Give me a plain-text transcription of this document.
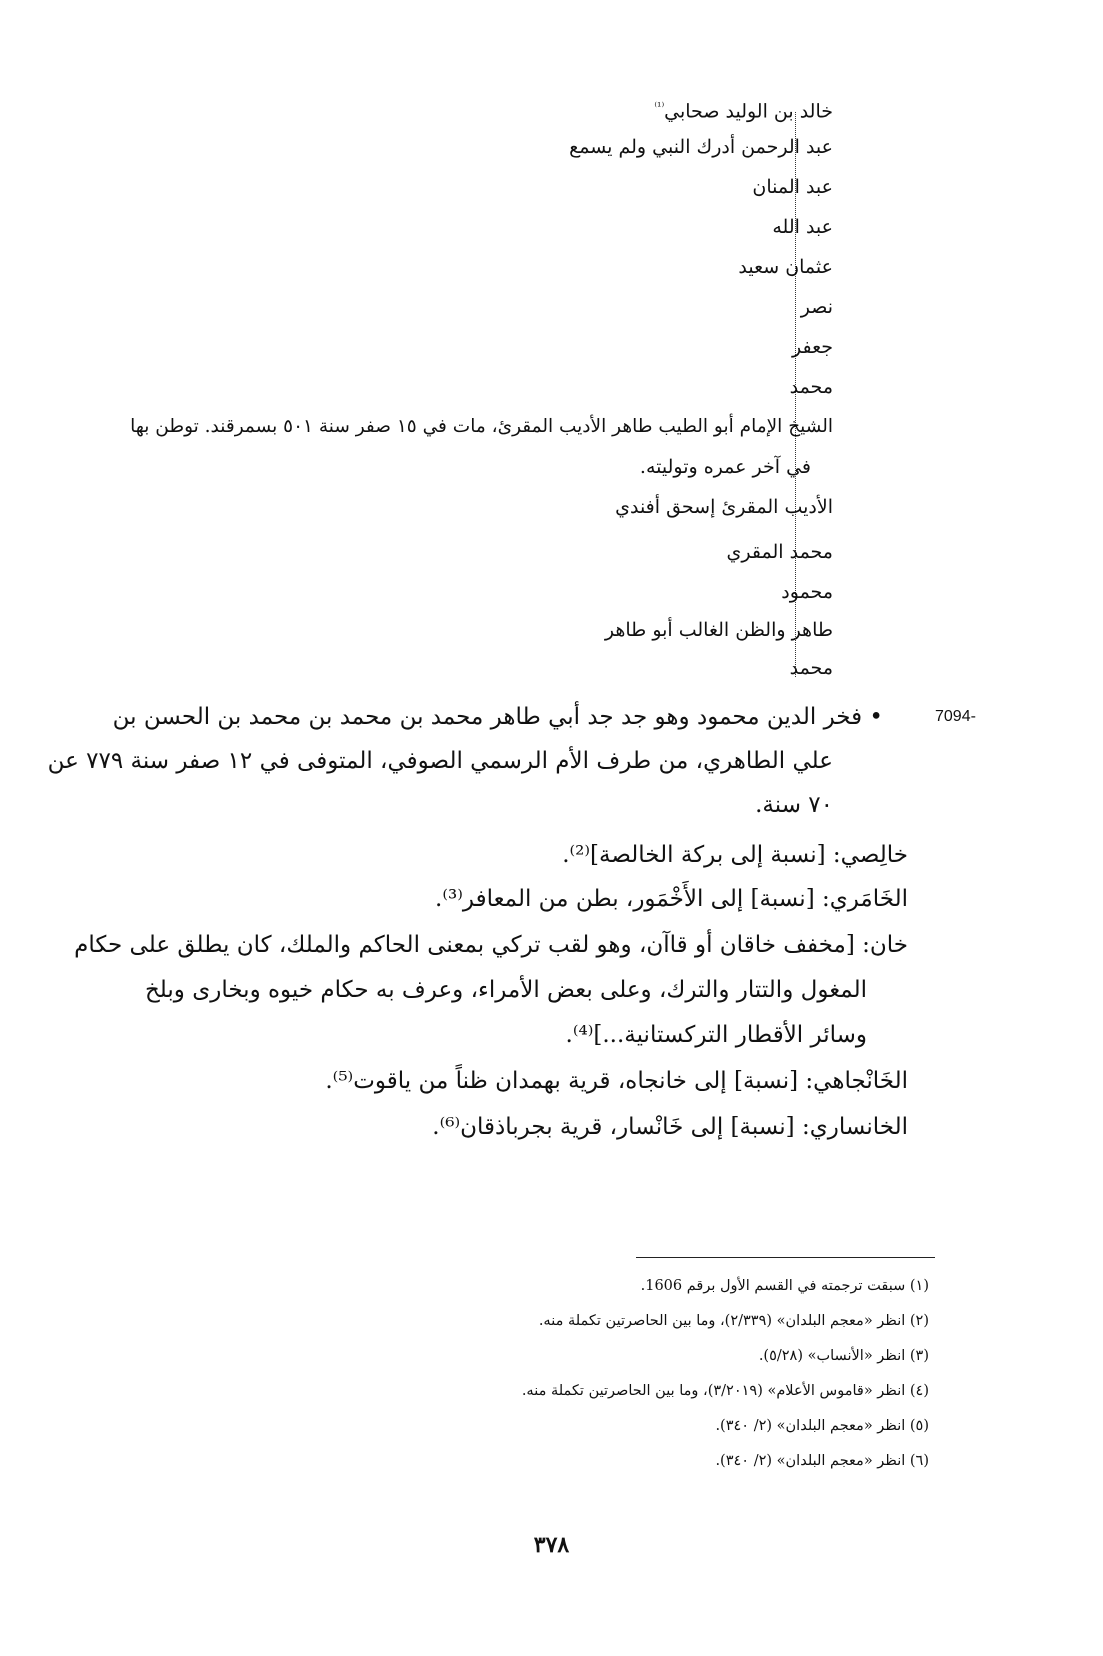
خالد بن الوليد صحابي$^{^{(1)}}$
عبد الرحمن أدرك النبي ولم يسمع
عبد المنان
عبد الله
عثمان سعيد
نصر
جعفر
محمد
الشيخ الإمام أبو الطيب طاهر الأديب المقرئ، مات في ١٥ صفر سنة ٥٠١ بسمرقند. توطن بها
في آخر عمره وتوليته.
الأديب المقرئ إسحق أفندي
محمد المقري
محمود
طاهر والظن الغالب أبو طاهر
محمد
7094-
• فخر الدين محمود وهو جد جد أبي طاهر محمد بن محمد بن محمد بن الحسن بن
علي الطاهري، من طرف الأم الرسمي الصوفي، المتوفى في ١٢ صفر سنة ٧٧٩ عن
٧٠ سنة.
خالِصي: [نسبة إلى بركة الخالصة]⁽²⁾.
الخَامَري: [نسبة] إلى الأَخْمَور، بطن من المعافر⁽³⁾.
خان: [مخفف خاقان أو قاآن، وهو لقب تركي بمعنى الحاكم والملك، كان يطلق على حكام
المغول والتتار والترك، وعلى بعض الأمراء، وعرف به حكام خيوه وبخارى وبلخ
وسائر الأقطار التركستانية...]⁽⁴⁾.
الخَانْجاهي: [نسبة] إلى خانجاه، قرية بهمدان ظناً من ياقوت⁽⁵⁾.
الخانساري: [نسبة] إلى خَانْسار، قرية بجرباذقان⁽⁶⁾.
(١) سبقت ترجمته في القسم الأول برقم 1606.
(٢) انظر «معجم البلدان» (٢/٣٣٩)، وما بين الحاصرتين تكملة منه.
(٣) انظر «الأنساب» (٥/٢٨).
(٤) انظر «قاموس الأعلام» (٣/٢٠١٩)، وما بين الحاصرتين تكملة منه.
(٥) انظر «معجم البلدان» (٢/ ٣٤٠).
(٦) انظر «معجم البلدان» (٢/ ٣٤٠).
٣٧٨
